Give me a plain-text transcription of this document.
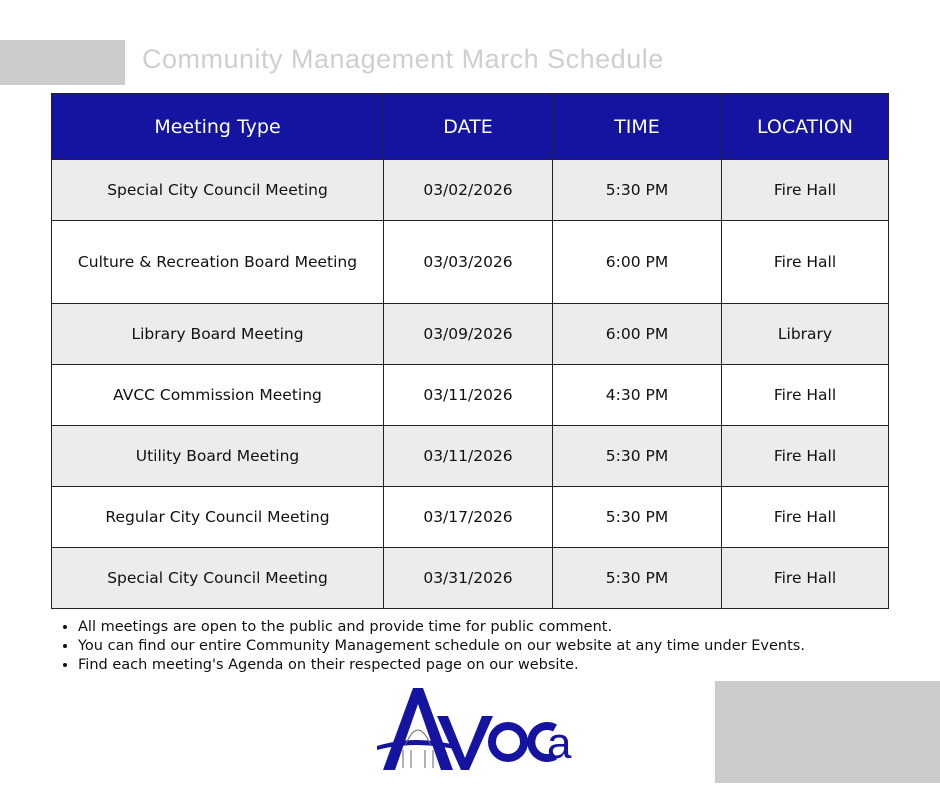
Community Management March Schedule
Meeting Type	DATE	TIME	LOCATION
Special City Council Meeting	03/02/2026	5:30 PM	Fire Hall
Culture & Recreation Board Meeting	03/03/2026	6:00 PM	Fire Hall
Library Board Meeting	03/09/2026	6:00 PM	Library
AVCC Commission Meeting	03/11/2026	4:30 PM	Fire Hall
Utility Board Meeting	03/11/2026	5:30 PM	Fire Hall
Regular City Council Meeting	03/17/2026	5:30 PM	Fire Hall
Special City Council Meeting	03/31/2026	5:30 PM	Fire Hall
• All meetings are open to the public and provide time for public comment.
• You can find our entire Community Management schedule on our website at any time under Events.
• Find each meeting's Agenda on their respected page on our website.
a
